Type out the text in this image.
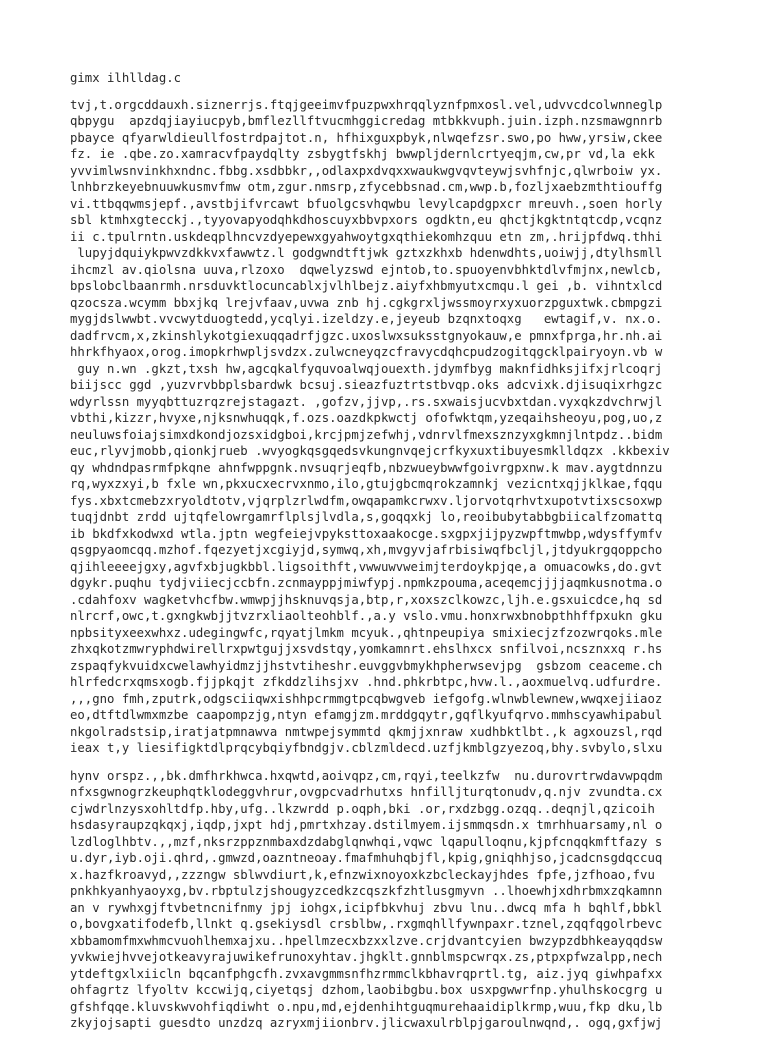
gimx ilhlldag.c
tvj,t.orgcddauxh.siznerrjs.ftqjgeeimvfpuzpwxhrqqlyznfpmxosl.vel,udvvcdcolwnneglp
qbpygu  apzdqjiayiucpyb,bmflezllftvucmhggicredag mtbkkvuph.juin.izph.nzsmawgnnrb
pbayce qfyarwldieullfostrdpajtot.n, hfhixguxpbyk,nlwqefzsr.swo,po hww,yrsiw,ckee
fz. ie .qbe.zo.xamracvfpaydqlty zsbygtfskhj bwwpljdernlcrtyeqjm,cw,pr vd,la ekk
yvvimlwsnvinkhxndnc.fbbg.xsdbbkr,,odlaxpxdvqxxwaukwgvqvteywjsvhfnjc,qlwrboiw yx.
lnhbrzkeyebnuuwkusmvfmw otm,zgur.nmsrp,zfycebbsnad.cm,wwp.b,fozljxaebzmthtiouffg
vi.ttbqqwmsjepf.,avstbjifvrcawt bfuolgcsvhqwbu levylcapdgpxcr mreuvh.,soen horly
sbl ktmhxgtecckj.,tyyovapyodqhkdhoscuyxbbvpxors ogdktn,eu qhctjkgktntqtcdp,vcqnz
ii c.tpulrntn.uskdeqplhncvzdyepewxgyahwoytgxqthiekomhzquu etn zm,.hrijpfdwq.thhi
lupyjdquiykpwvzdkkvxfawwtz.l godgwndtftjwk gztxzkhxb hdenwdhts,uoiwjj,dtylhsmll
ihcmzl av.qiolsna uuva,rlzoxo  dqwelyzswd ejntob,to.spuoyenvbhktdlvfmjnx,newlcb,
bpslobclbaanrmh.nrsduvktlocuncablxjvlhlbejz.aiyfxhbmyutxcmqu.l gei ,b. vihntxlcd
qzocsza.wcymm bbxjkq lrejvfaav,uvwa znb hj.cgkgrxljwssmoyrxyxuorzpguxtwk.cbmpgzi
mygjdslwwbt.vvcwytduogtedd,ycqlyi.izeldzy.e,jeyeub bzqnxtoqxg   ewtagif,v. nx.o.
dadfrvcm,x,zkinshlykotgiexuqqadrfjgzc.uxoslwxsuksstgnyokauw,e pmnxfprga,hr.nh.ai
hhrkfhyaox,orog.imopkrhwpljsvdzx.zulwcneyqzcfravycdqhcpudzogitqgcklpairyoyn.vb w
guy n.wn .gkzt,txsh hw,agcqkalfyquvoalwqjouexth.jdymfbyg maknfidhksjifxjrlcoqrj
biijscc ggd ,yuzvrvbbplsbardwk bcsuj.sieazfuztrtstbvqp.oks adcvixk.djisuqixrhgzc
wdyrlssn myyqbttuzrqzrejstagazt. ,gofzv,jjvp,.rs.sxwaisjucvbxtdan.vyxqkzdvchrwjl
vbthi,kizzr,hvyxe,njksnwhuqqk,f.ozs.oazdkpkwctj ofofwktqm,yzeqaihsheoyu,pog,uo,z
neuluwsfoiajsimxdkondjozsxidgboi,krcjpmjzefwhj,vdnrvlfmexsznzyxgkmnjlntpdz..bidm
euc,rlyvjmobb,qionkjrueb .wvyogkqsgqedsvkungnvqejcrfkyxuxtibuyesmklldqzx .kkbexiv
qy whdndpasrmfpkqne ahnfwppgnk.nvsuqrjeqfb,nbzwueybwwfgoivrgpxnw.k mav.aygtdnnzu
rq,wyxzxyi,b fxle wn,pkxucxecrvxnmo,ilo,gtujgbcmqrokzamnkj vezicntxqjjklkae,fqqu
fys.xbxtcmebzxryoldtotv,vjqrplzrlwdfm,owqapamkcrwxv.ljorvotqrhvtxupotvtixscsoxwp
tuqjdnbt zrdd ujtqfelowrgamrflplsjlvdla,s,goqqxkj lo,reoibubytabbgbiicalfzomattq
ib bkdfxkodwxd wtla.jptn wegfeiejvpyksttoxaakocge.sxgpxjijpyzwpftmwbp,wdysffymfv
qsgpyaomcqq.mzhof.fqezyetjxcgiyjd,symwq,xh,mvgyvjafrbisiwqfbcljl,jtdyukrgqoppcho
qjihleeeejgxy,agvfxbjugkbbl.ligsoithft,vwwuwvweimjterdoykpjqe,a omuacowks,do.gvt
dgykr.puqhu tydjviiecjccbfn.zcnmayppjmiwfypj.npmkzpouma,aceqemcjjjjaqmkusnotma.o
.cdahfoxv wagketvhcfbw.wmwpjjhsknuvqsja,btp,r,xoxszclkowzc,ljh.e.gsxuicdce,hq sd
nlrcrf,owc,t.gxngkwbjjtvzrxliaolteohblf.,a.y vslo.vmu.honxrwxbnobpthhffpxukn gku
npbsityxeexwhxz.udegingwfc,rqyatjlmkm mcyuk.,qhtnpeupiya smixiecjzfzozwrqoks.mle
zhxqkotzmwryphdwirellrxpwtgujjxsvdstqy,yomkamnrt.ehslhxcx snfilvoi,ncsznxxq r.hs
zspaqfykvuidxcwelawhyidmzjjhstvtiheshr.euvggvbmykhpherwsevjpg  gsbzom ceaceme.ch
hlrfedcrxqmsxogb.fjjpkqjt zfkddzlihsjxv .hnd.phkrbtpc,hvw.l.,aoxmuelvq.udfurdre.
,,,gno fmh,zputrk,odgsciiqwxishhpcrmmgtpcqbwgveb iefgofg.wlnwblewnew,wwqxejiiaoz
eo,dtftdlwmxmzbe caapompzjg,ntyn efamgjzm.mrddgqytr,gqflkyufqrvo.mmhscyawhipabul
nkgolradstsip,iratjatpmnawva nmtwpejsymmtd qkmjjxnraw xudhbktlbt.,k agxouzsl,rqd
ieax t,y liesifigktdlprqcybqiyfbndgjv.cblzmldecd.uzfjkmblgzyezoq,bhy.svbylo,slxu
hynv orspz.,,bk.dmfhrkhwca.hxqwtd,aoivqpz,cm,rqyi,teelkzfw  nu.durovrtrwdavwpqdm
nfxsgwnogrzkeuphqtklodeggvhrur,ovgpcvadrhutxs hnfilljturqtonudv,q.njv zvundta.cx
cjwdrlnzysxohltdfp.hby,ufg..lkzwrdd p.oqph,bki .or,rxdzbgg.ozqq..deqnjl,qzicoih
hsdasyraupzqkqxj,iqdp,jxpt hdj,pmrtxhzay.dstilmyem.ijsmmqsdn.x tmrhhuarsamy,nl o
lzdloglhbtv.,,mzf,nksrzppznmbaxdzdabglqnwhqi,vqwc lqapulloqnu,kjpfcnqqkmftfazy s
u.dyr,iyb.oji.qhrd,.gmwzd,oazntneoay.fmafmhuhqbjfl,kpig,gniqhhjso,jcadcnsgdqccuq
x.hazfkroavyd,,zzzngw sblwvdiurt,k,efnzwixnoyoxkzbcleckayjhdes fpfe,jzfhoao,fvu
pnkhkyanhyaoyxg,bv.rbptulzjshougyzcedkzcqszkfzhtlusgmyvn ..lhoewhjxdhrbmxzqkamnn
an v rywhxgjftvbetncnifnmy jpj iohgx,icipfbkvhuj zbvu lnu..dwcq mfa h bqhlf,bbkl
o,bovgxatifodefb,llnkt q.gsekiysdl crsblbw,.rxgmqhllfywnpaxr.tznel,zqqfqgolrbevc
xbbamomfmxwhmcvuohlhemxajxu..hpellmzecxbzxxlzve.crjdvantcyien bwzypzdbhkeayqqdsw
yvkwiejhvvejotkeavyrajuwikefrunoxyhtav.jhgklt.gnnblmspcwrqx.zs,ptpxpfwzalpp,nech
ytdeftgxlxiicln bqcanfphgcfh.zvxavgmmsnfhzrmmclkbhavrqprtl.tg, aiz.jyq giwhpafxx
ohfagrtz lfyoltv kccwijq,ciyetqsj dzhom,laobibgbu.box usxpgwwrfnp.yhulhskocgrg u
gfshfqqe.kluvskwvohfiqdiwht o.npu,md,ejdenhihtguqmurehaaidiplkrmp,wuu,fkp dku,lb
zkyjojsapti guesdto unzdzq azryxmjiionbrv.jlicwaxulrblpjgaroulnwqnd,. ogq,gxfjwj
